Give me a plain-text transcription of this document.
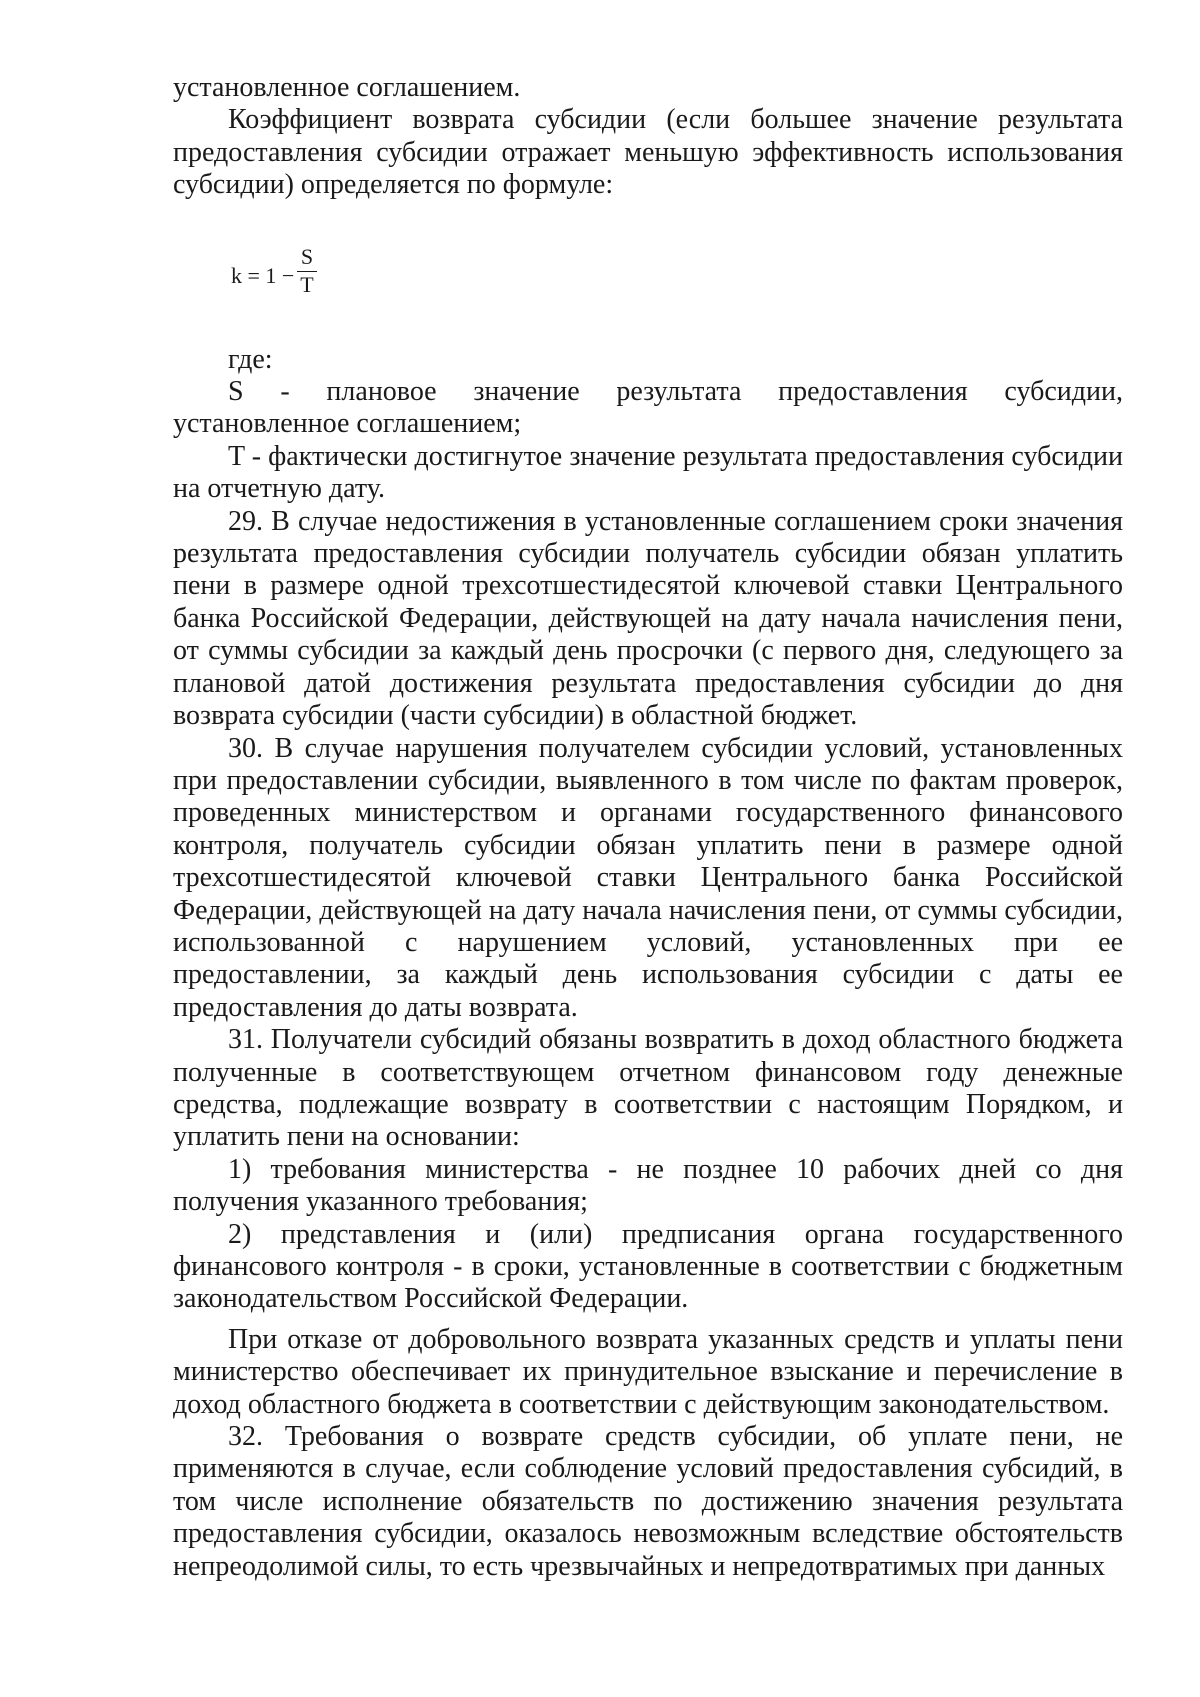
установленное соглашением.

Коэффициент возврата субсидии (если большее значение результата предоставления субсидии отражает меньшую эффективность использования субсидии) определяется по формуле:

k = 1 −
S
T

где:

S - плановое значение результата предоставления субсидии, установленное соглашением;

T - фактически достигнутое значение результата предоставления субсидии на отчетную дату.

29. В случае недостижения в установленные соглашением сроки значения результата предоставления субсидии получатель субсидии обязан уплатить пени в размере одной трехсотшестидесятой ключевой ставки Центрального банка Российской Федерации, действующей на дату начала начисления пени, от суммы субсидии за каждый день просрочки (с первого дня, следующего за плановой датой достижения результата предоставления субсидии до дня возврата субсидии (части субсидии) в областной бюджет.

30. В случае нарушения получателем субсидии условий, установленных при предоставлении субсидии, выявленного в том числе по фактам проверок, проведенных министерством и органами государственного финансового контроля, получатель субсидии обязан уплатить пени в размере одной трехсотшестидесятой ключевой ставки Центрального банка Российской Федерации, действующей на дату начала начисления пени, от суммы субсидии, использованной с нарушением условий, установленных при ее предоставлении, за каждый день использования субсидии с даты ее предоставления до даты возврата.

31. Получатели субсидий обязаны возвратить в доход областного бюджета полученные в соответствующем отчетном финансовом году денежные средства, подлежащие возврату в соответствии с настоящим Порядком, и уплатить пени на основании:

1) требования министерства - не позднее 10 рабочих дней со дня получения указанного требования;

2) представления и (или) предписания органа государственного финансового контроля - в сроки, установленные в соответствии с бюджетным законодательством Российской Федерации.

При отказе от добровольного возврата указанных средств и уплаты пени министерство обеспечивает их принудительное взыскание и перечисление в доход областного бюджета в соответствии с действующим законодательством.

32. Требования о возврате средств субсидии, об уплате пени, не применяются в случае, если соблюдение условий предоставления субсидий, в том числе исполнение обязательств по достижению значения результата предоставления субсидии, оказалось невозможным вследствие обстоятельств непреодолимой силы, то есть чрезвычайных и непредотвратимых при данных
